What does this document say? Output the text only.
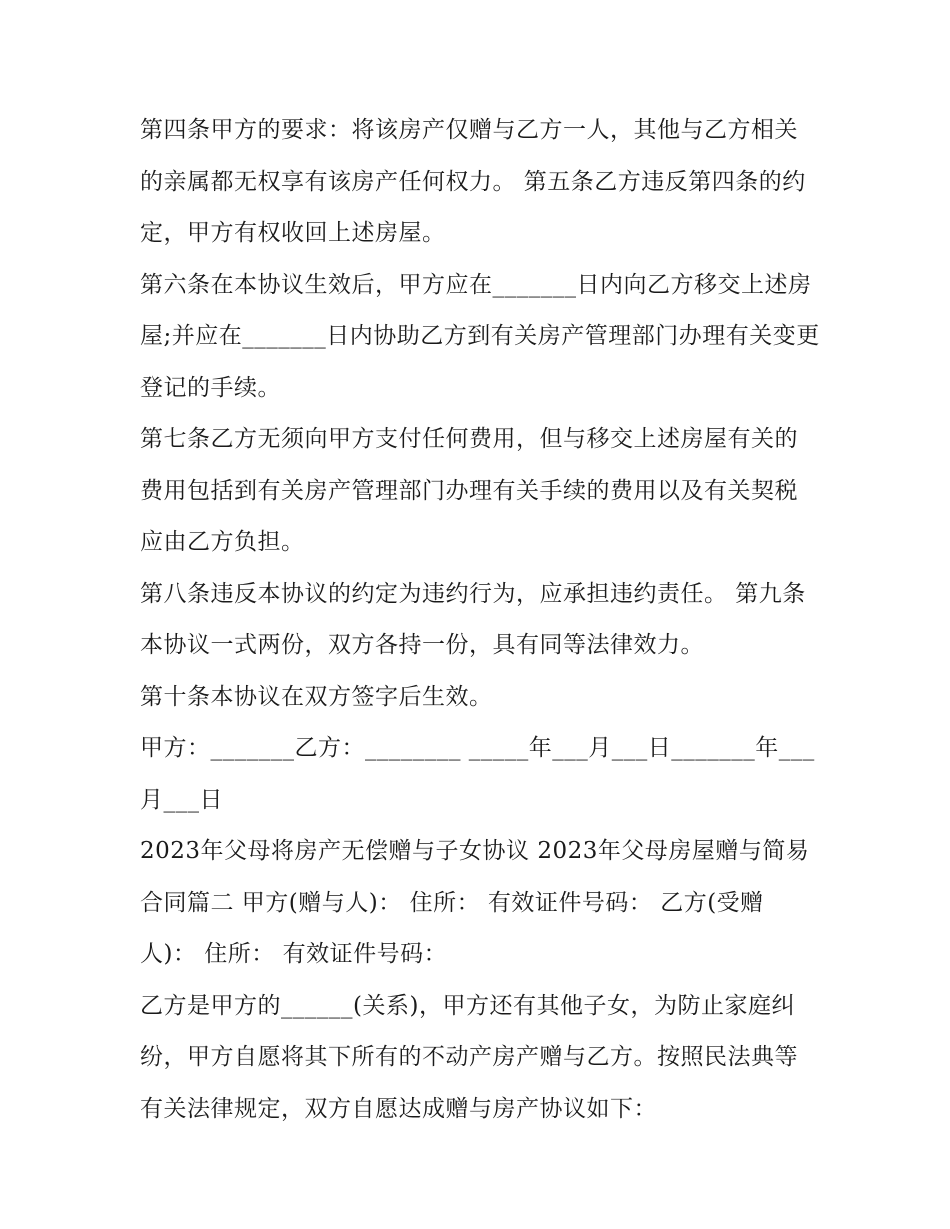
第四条甲方的要求：将该房产仅赠与乙方一人，其他与乙方相关的亲属都无权享有该房产任何权力。 第五条乙方违反第四条的约定，甲方有权收回上述房屋。

第六条在本协议生效后，甲方应在_______日内向乙方移交上述房屋;并应在_______日内协助乙方到有关房产管理部门办理有关变更登记的手续。

第七条乙方无须向甲方支付任何费用，但与移交上述房屋有关的费用包括到有关房产管理部门办理有关手续的费用以及有关契税应由乙方负担。

第八条违反本协议的约定为违约行为，应承担违约责任。 第九条本协议一式两份，双方各持一份，具有同等法律效力。

第十条本协议在双方签字后生效。

甲方：_______乙方：________ _____年___月___日_______年___月___日

2023年父母将房产无偿赠与子女协议 2023年父母房屋赠与简易合同篇二 甲方(赠与人)： 住所： 有效证件号码： 乙方(受赠人)： 住所： 有效证件号码：

乙方是甲方的______(关系)，甲方还有其他子女，为防止家庭纠纷，甲方自愿将其下所有的不动产房产赠与乙方。按照民法典等有关法律规定，双方自愿达成赠与房产协议如下：
